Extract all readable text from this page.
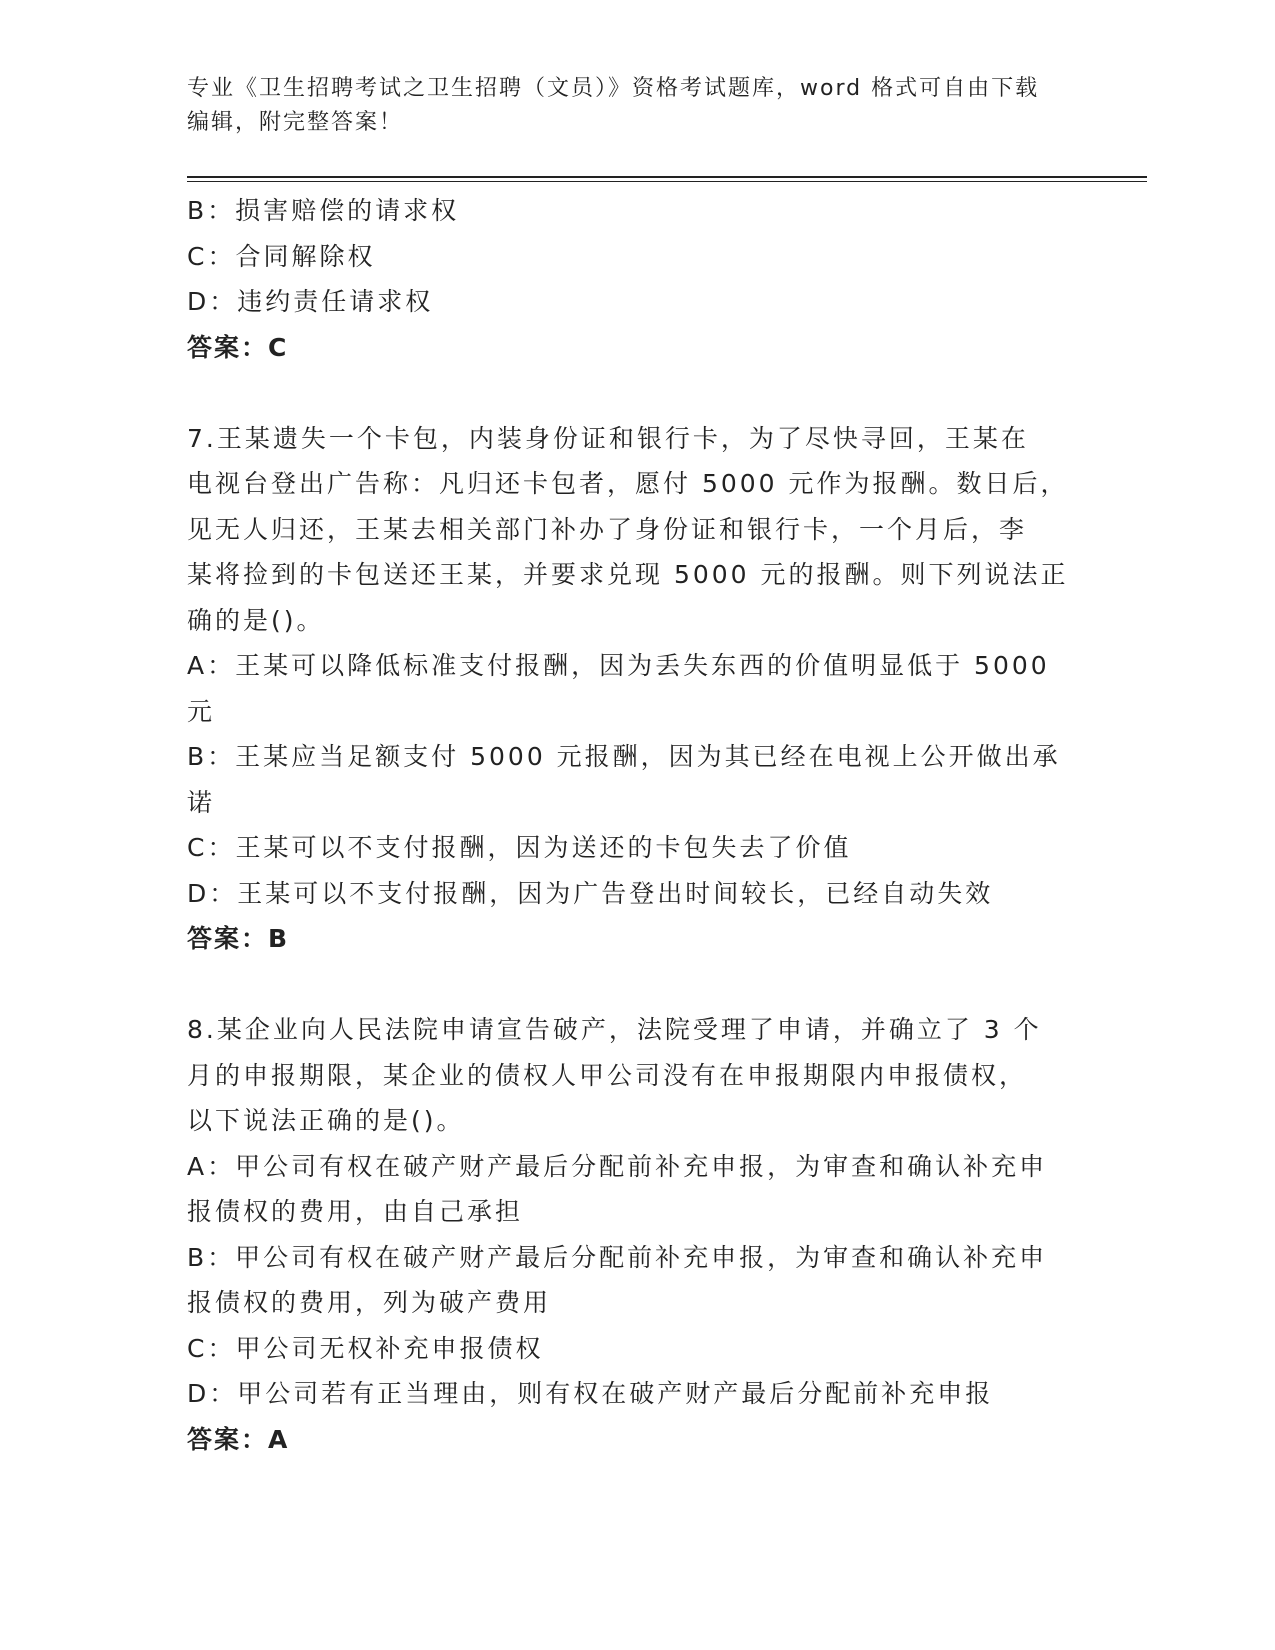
专业《卫生招聘考试之卫生招聘（文员）》资格考试题库，word 格式可自由下载
编辑，附完整答案！
B：损害赔偿的请求权
C：合同解除权
D：违约责任请求权
答案：C
7.王某遗失一个卡包，内装身份证和银行卡，为了尽快寻回，王某在
电视台登出广告称：凡归还卡包者，愿付 5000 元作为报酬。数日后，
见无人归还，王某去相关部门补办了身份证和银行卡，一个月后，李
某将捡到的卡包送还王某，并要求兑现 5000 元的报酬。则下列说法正
确的是()。
A：王某可以降低标准支付报酬，因为丢失东西的价值明显低于 5000
元
B：王某应当足额支付 5000 元报酬，因为其已经在电视上公开做出承
诺
C：王某可以不支付报酬，因为送还的卡包失去了价值
D：王某可以不支付报酬，因为广告登出时间较长，已经自动失效
答案：B
8.某企业向人民法院申请宣告破产，法院受理了申请，并确立了 3 个
月的申报期限，某企业的债权人甲公司没有在申报期限内申报债权，
以下说法正确的是()。
A：甲公司有权在破产财产最后分配前补充申报，为审查和确认补充申
报债权的费用，由自己承担
B：甲公司有权在破产财产最后分配前补充申报，为审查和确认补充申
报债权的费用，列为破产费用
C：甲公司无权补充申报债权
D：甲公司若有正当理由，则有权在破产财产最后分配前补充申报
答案：A
